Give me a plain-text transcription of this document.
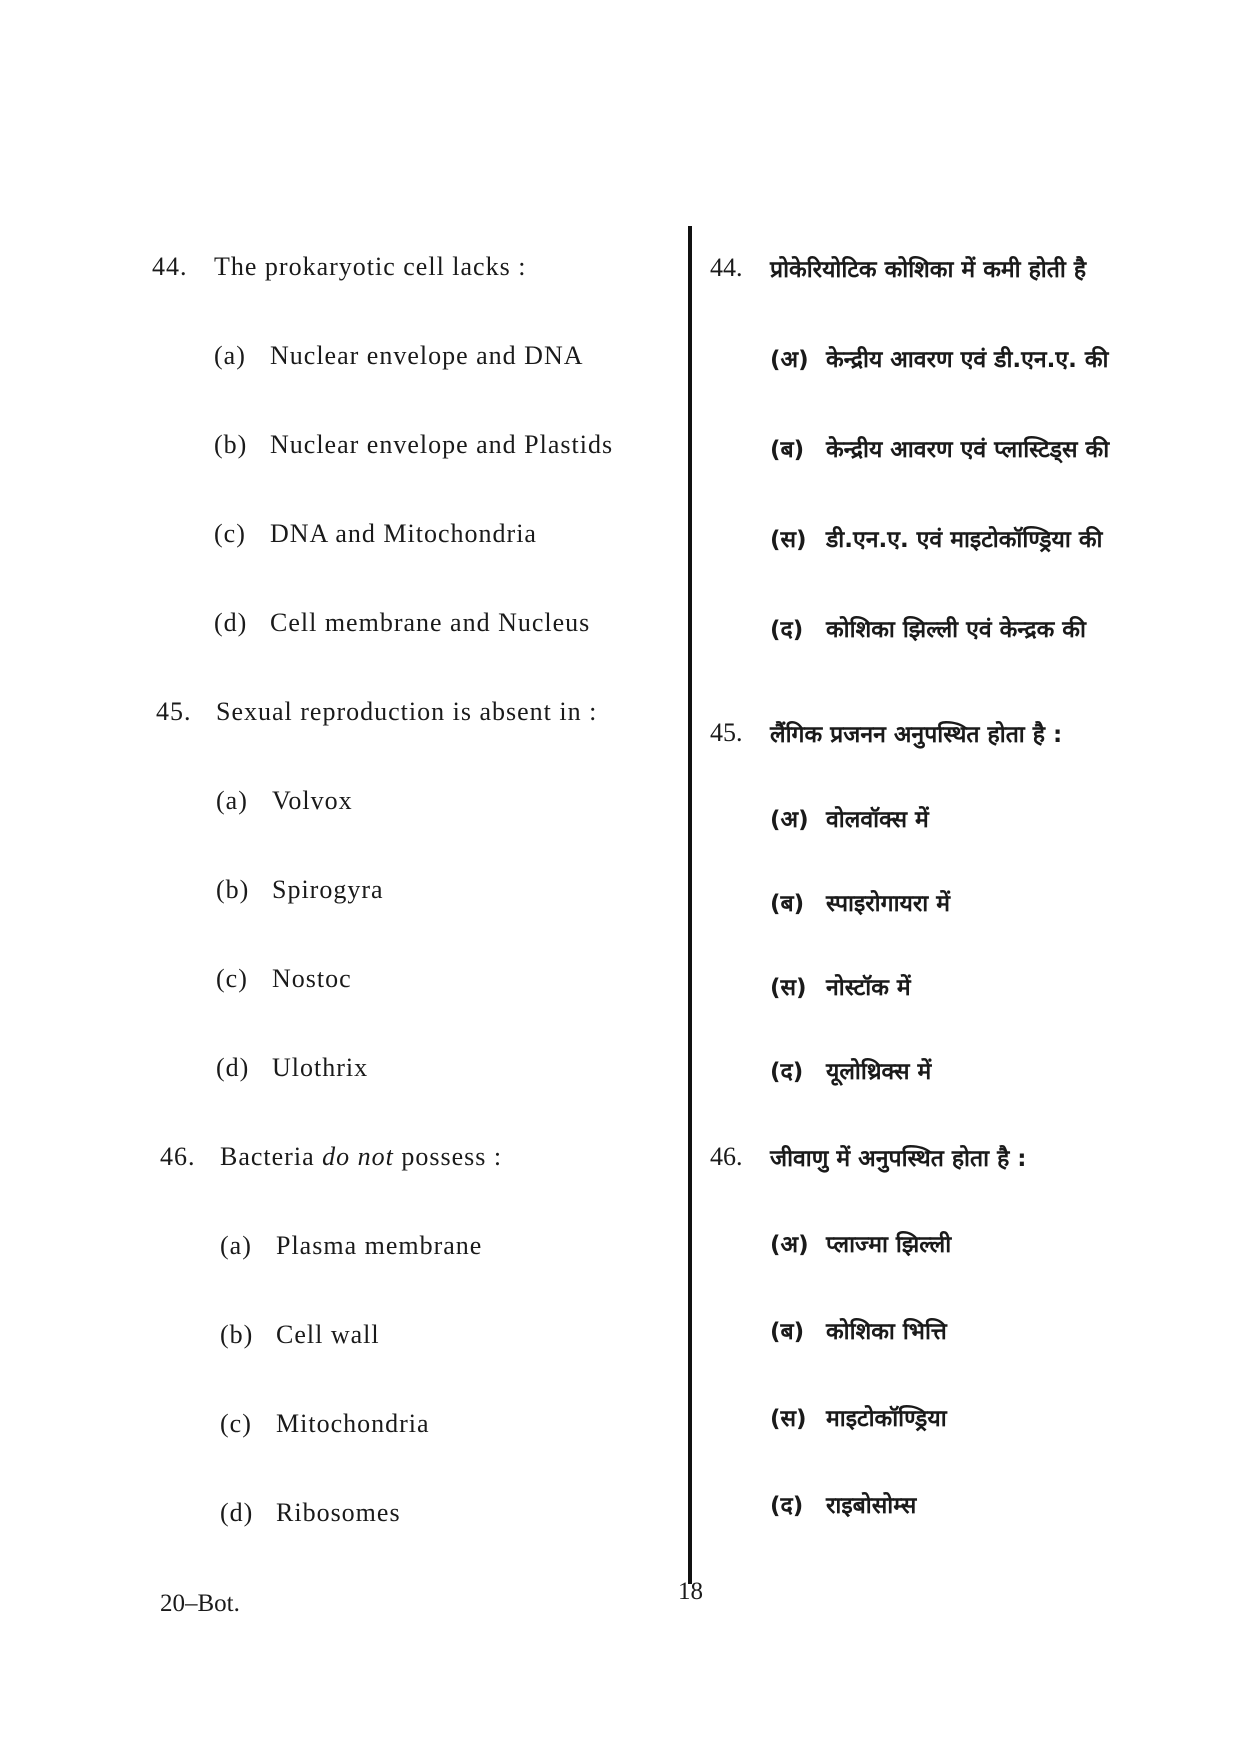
44. The prokaryotic cell lacks :
(a) Nuclear envelope and DNA
(b) Nuclear envelope and Plastids
(c) DNA and Mitochondria
(d) Cell membrane and Nucleus
45. Sexual reproduction is absent in :
(a) Volvox
(b) Spirogyra
(c) Nostoc
(d) Ulothrix
46. Bacteria do not possess :
(a) Plasma membrane
(b) Cell wall
(c) Mitochondria
(d) Ribosomes
44. प्रोकेरियोटिक कोशिका में कमी होती है
(अ) केन्द्रीय आवरण एवं डी.एन.ए. की
(ब) केन्द्रीय आवरण एवं प्लास्टिड्स की
(स) डी.एन.ए. एवं माइटोकॉण्ड्रिया की
(द) कोशिका झिल्ली एवं केन्द्रक की
45. लैंगिक प्रजनन अनुपस्थित होता है :
(अ) वोलवॉक्स में
(ब) स्पाइरोगायरा में
(स) नोस्टॉक में
(द) यूलोथ्रिक्स में
46. जीवाणु में अनुपस्थित होता है :
(अ) प्लाज्मा झिल्ली
(ब) कोशिका भित्ति
(स) माइटोकॉण्ड्रिया
(द) राइबोसोम्स
20–Bot.	18
